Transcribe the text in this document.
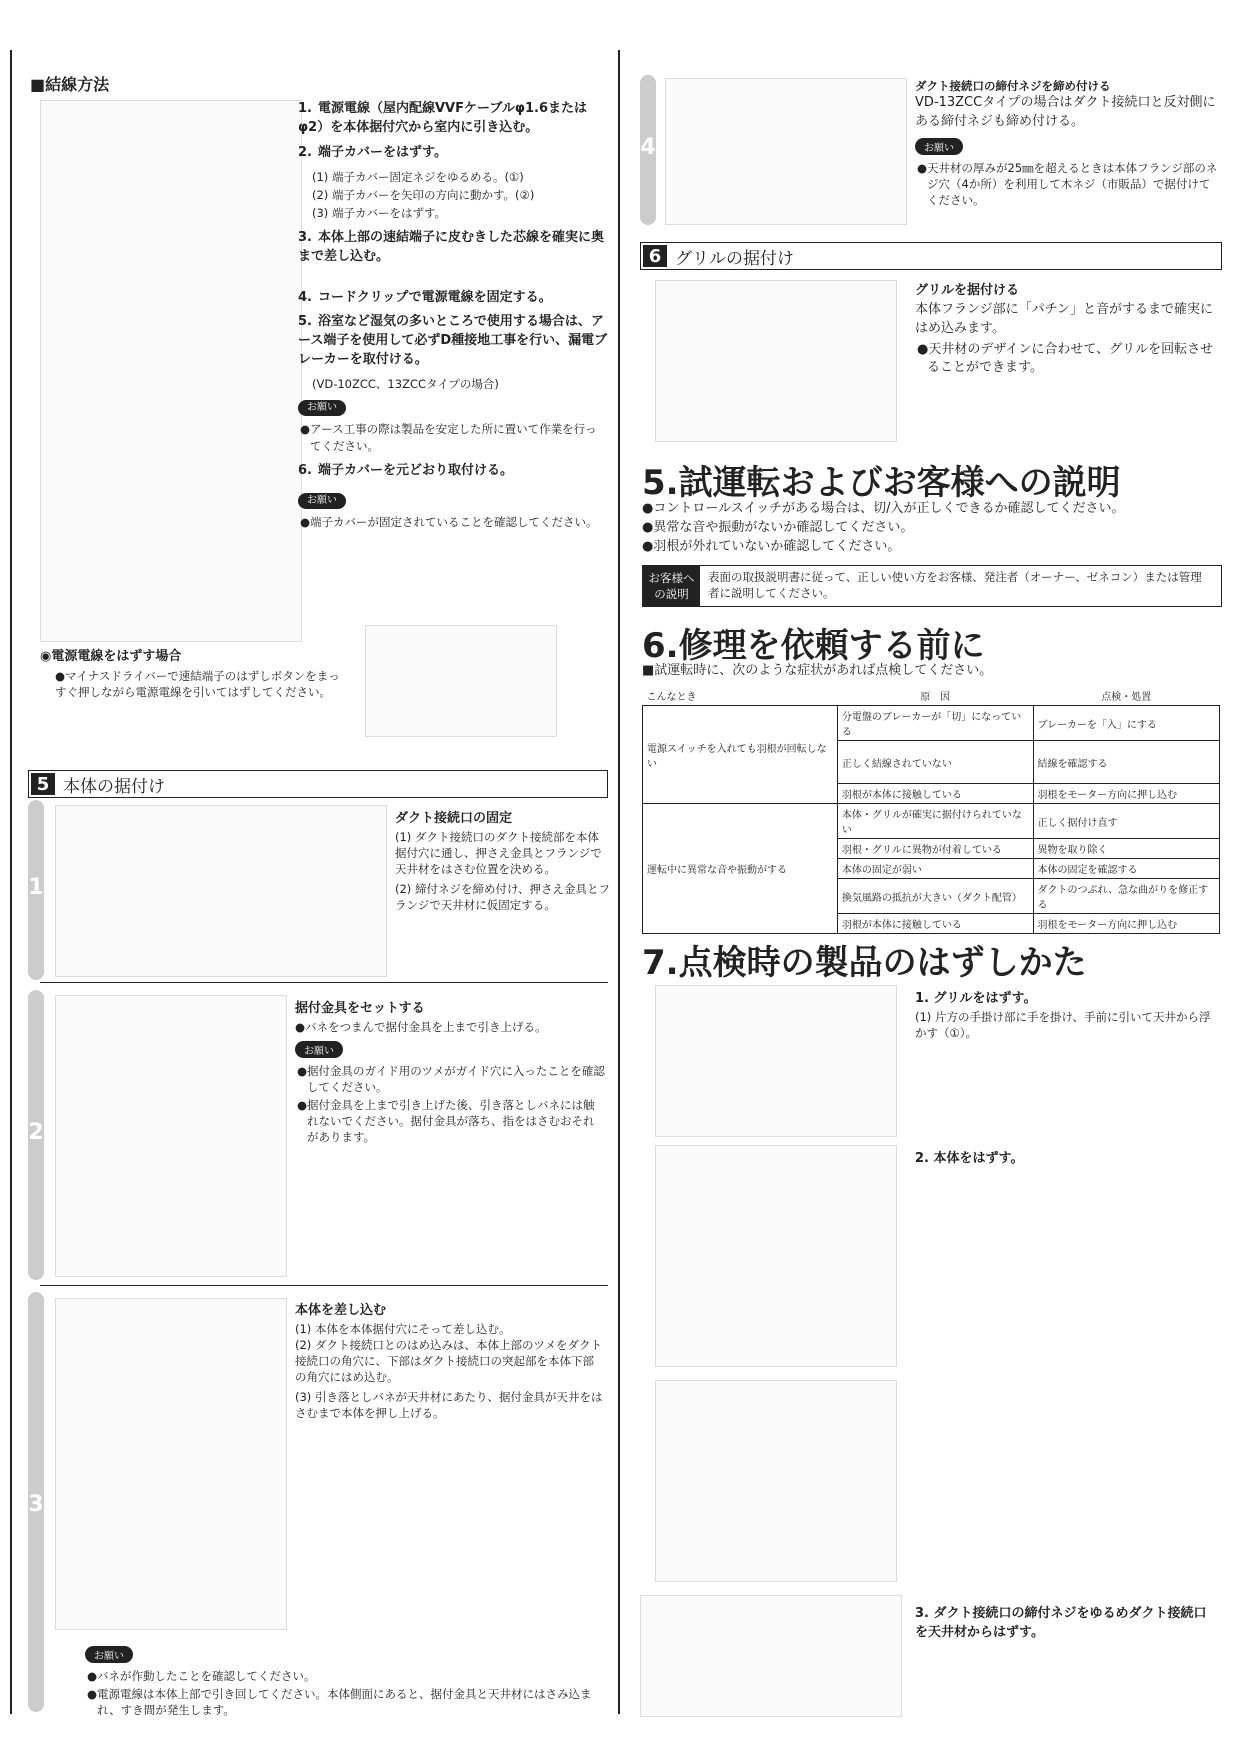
■結線方法
1. 電源電線（屋内配線VVFケーブルφ1.6またはφ2）を本体据付穴から室内に引き込む。
2. 端子カバーをはずす。
(1) 端子カバー固定ネジをゆるめる。(①)
(2) 端子カバーを矢印の方向に動かす。(②)
(3) 端子カバーをはずす。
3. 本体上部の速結端子に皮むきした芯線を確実に奥まで差し込む。
4. コードクリップで電源電線を固定する。
5. 浴室など湿気の多いところで使用する場合は、アース端子を使用して必ずD種接地工事を行い、漏電ブレーカーを取付ける。
(VD-10ZCC、13ZCCタイプの場合)
お願い
●アース工事の際は製品を安定した所に置いて作業を行ってください。
6. 端子カバーを元どおり取付ける。
お願い
●端子カバーが固定されていることを確認してください。
◉電源電線をはずす場合
●マイナスドライバーで速結端子のはずしボタンをまっすぐ押しながら電源電線を引いてはずしてください。
5 本体の据付け
1
2
3
ダクト接続口の固定
(1) ダクト接続口のダクト接続部を本体据付穴に通し、押さえ金具とフランジで天井材をはさむ位置を決める。
(2) 締付ネジを締め付け、押さえ金具とフランジで天井材に仮固定する。
据付金具をセットする
●バネをつまんで据付金具を上まで引き上げる。
お願い
●据付金具のガイド用のツメがガイド穴に入ったことを確認してください。
●据付金具を上まで引き上げた後、引き落としバネには触れないでください。据付金具が落ち、指をはさむおそれがあります。
本体を差し込む
(1) 本体を本体据付穴にそって差し込む。
(2) ダクト接続口とのはめ込みは、本体上部のツメをダクト接続口の角穴に、下部はダクト接続口の突起部を本体下部の角穴にはめ込む。
(3) 引き落としバネが天井材にあたり、据付金具が天井をはさむまで本体を押し上げる。
お願い
●バネが作動したことを確認してください。
●電源電線は本体上部で引き回してください。本体側面にあると、据付金具と天井材にはさみ込まれ、すき間が発生します。
4
ダクト接続口の締付ネジを締め付ける
VD-13ZCCタイプの場合はダクト接続口と反対側にある締付ネジも締め付ける。
お願い
●天井材の厚みが25㎜を超えるときは本体フランジ部のネジ穴（4か所）を利用して木ネジ（市販品）で据付けてください。
6 グリルの据付け
グリルを据付ける
本体フランジ部に「パチン」と音がするまで確実にはめ込みます。
●天井材のデザインに合わせて、グリルを回転させることができます。
5.試運転およびお客様への説明
●コントロールスイッチがある場合は、切/入が正しくできるか確認してください。
●異常な音や振動がないか確認してください。
●羽根が外れていないか確認してください。
お客様への説明
表面の取扱説明書に従って、正しい使い方をお客様、発注者（オーナー、ゼネコン）または管理者に説明してください。
6.修理を依頼する前に
■試運転時に、次のような症状があれば点検してください。
こんなとき	原　因	点検・処置
電源スイッチを入れても羽根が回転しない	分電盤のブレーカーが「切」になっている	ブレーカーを「入」にする
	正しく結線されていない	結線を確認する
	羽根が本体に接触している	羽根をモーター方向に押し込む
運転中に異常な音や振動がする	本体・グリルが確実に据付けられていない	正しく据付け直す
	羽根・グリルに異物が付着している	異物を取り除く
	本体の固定が弱い	本体の固定を確認する
	換気風路の抵抗が大きい（ダクト配管）	ダクトのつぶれ、急な曲がりを修正する
	羽根が本体に接触している	羽根をモーター方向に押し込む
7.点検時の製品のはずしかた
1. グリルをはずす。
(1) 片方の手掛け部に手を掛け、手前に引いて天井から浮かす（①）。
2. 本体をはずす。
3. ダクト接続口の締付ネジをゆるめダクト接続口を天井材からはずす。
